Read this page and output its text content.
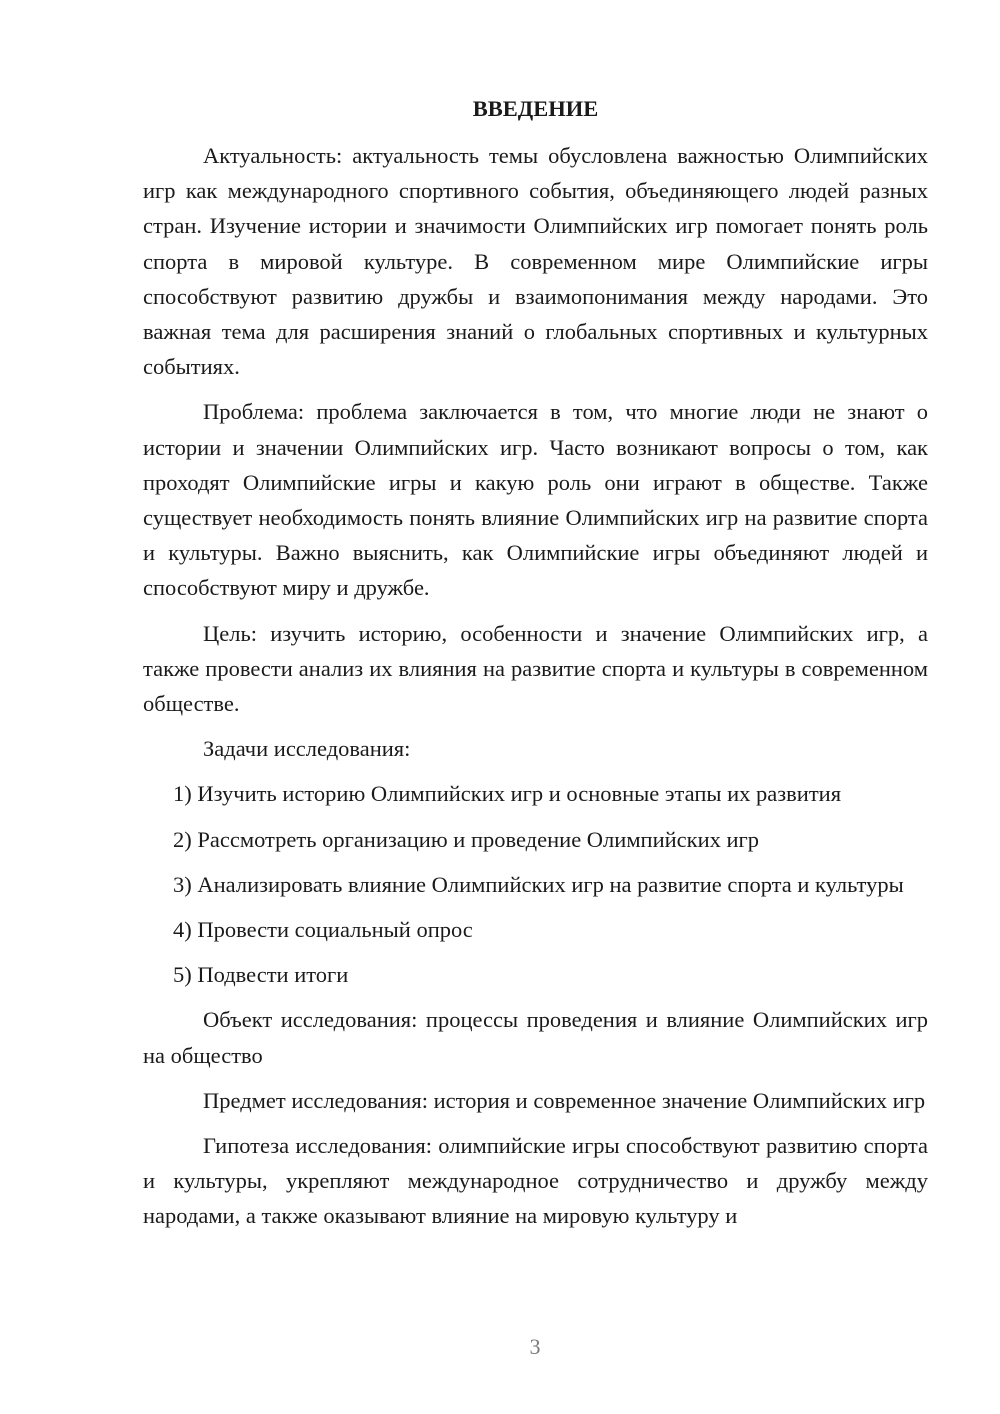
ВВЕДЕНИЕ

Актуальность: актуальность темы обусловлена важностью Олимпийских игр как международного спортивного события, объединяющего людей разных стран. Изучение истории и значимости Олимпийских игр помогает понять роль спорта в мировой культуре. В современном мире Олимпийские игры способствуют развитию дружбы и взаимопонимания между народами. Это важная тема для расширения знаний о глобальных спортивных и культурных событиях.

Проблема: проблема заключается в том, что многие люди не знают о истории и значении Олимпийских игр. Часто возникают вопросы о том, как проходят Олимпийские игры и какую роль они играют в обществе. Также существует необходимость понять влияние Олимпийских игр на развитие спорта и культуры. Важно выяснить, как Олимпийские игры объединяют людей и способствуют миру и дружбе.

Цель: изучить историю, особенности и значение Олимпийских игр, а также провести анализ их влияния на развитие спорта и культуры в современном обществе.

Задачи исследования:

1) Изучить историю Олимпийских игр и основные этапы их развития

2) Рассмотреть организацию и проведение Олимпийских игр

3) Анализировать влияние Олимпийских игр на развитие спорта и культуры

4) Провести социальный опрос

5) Подвести итоги

Объект исследования: процессы проведения и влияние Олимпийских игр на общество

Предмет исследования: история и современное значение Олимпийских игр

Гипотеза исследования: олимпийские игры способствуют развитию спорта и культуры, укрепляют международное сотрудничество и дружбу между народами, а также оказывают влияние на мировую культуру и

3
